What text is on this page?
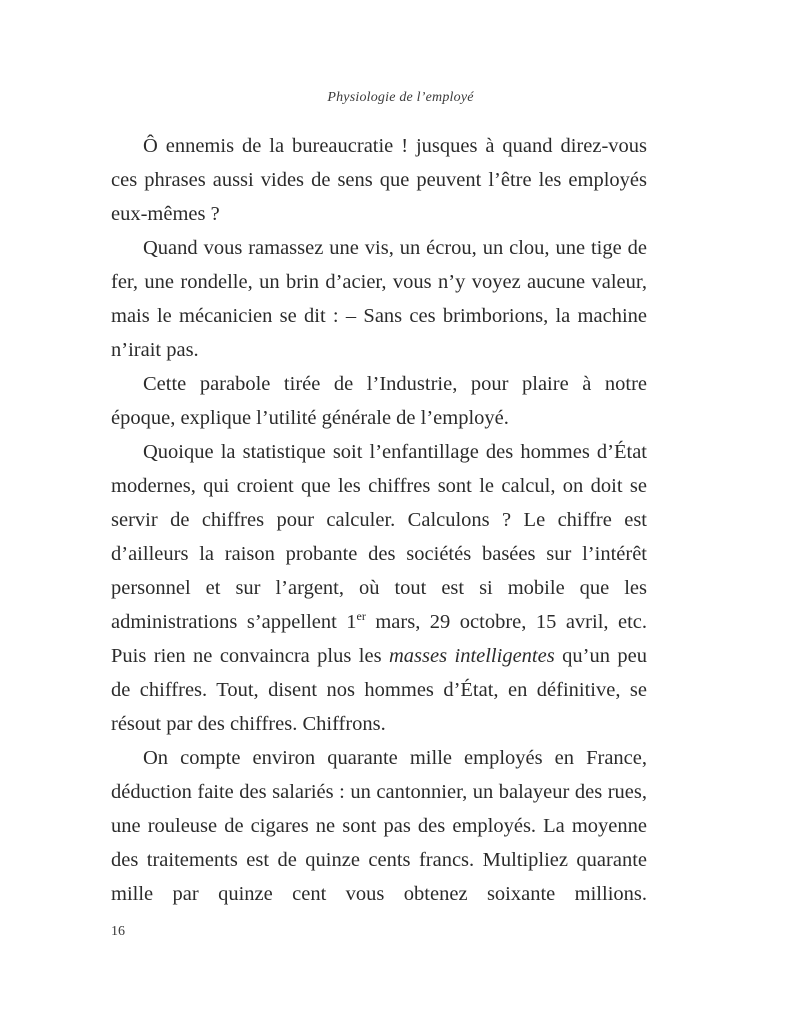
Physiologie de l’employé

Ô ennemis de la bureaucratie ! jusques à quand direz-vous ces phrases aussi vides de sens que peuvent l’être les employés eux-mêmes ?

Quand vous ramassez une vis, un écrou, un clou, une tige de fer, une rondelle, un brin d’acier, vous n’y voyez aucune valeur, mais le mécanicien se dit : – Sans ces brimborions, la machine n’irait pas.

Cette parabole tirée de l’Industrie, pour plaire à notre époque, explique l’utilité générale de l’employé.

Quoique la statistique soit l’enfantillage des hommes d’État modernes, qui croient que les chiffres sont le calcul, on doit se servir de chiffres pour calculer. Calculons ? Le chiffre est d’ailleurs la raison probante des sociétés basées sur l’intérêt personnel et sur l’argent, où tout est si mobile que les administrations s’appellent 1er mars, 29 octobre, 15 avril, etc. Puis rien ne convaincra plus les masses intelligentes qu’un peu de chiffres. Tout, disent nos hommes d’État, en définitive, se résout par des chiffres. Chiffrons.

On compte environ quarante mille employés en France, déduction faite des salariés : un cantonnier, un balayeur des rues, une rouleuse de cigares ne sont pas des employés. La moyenne des traitements est de quinze cents francs. Multipliez quarante mille par quinze cent vous obtenez soixante millions.

16
